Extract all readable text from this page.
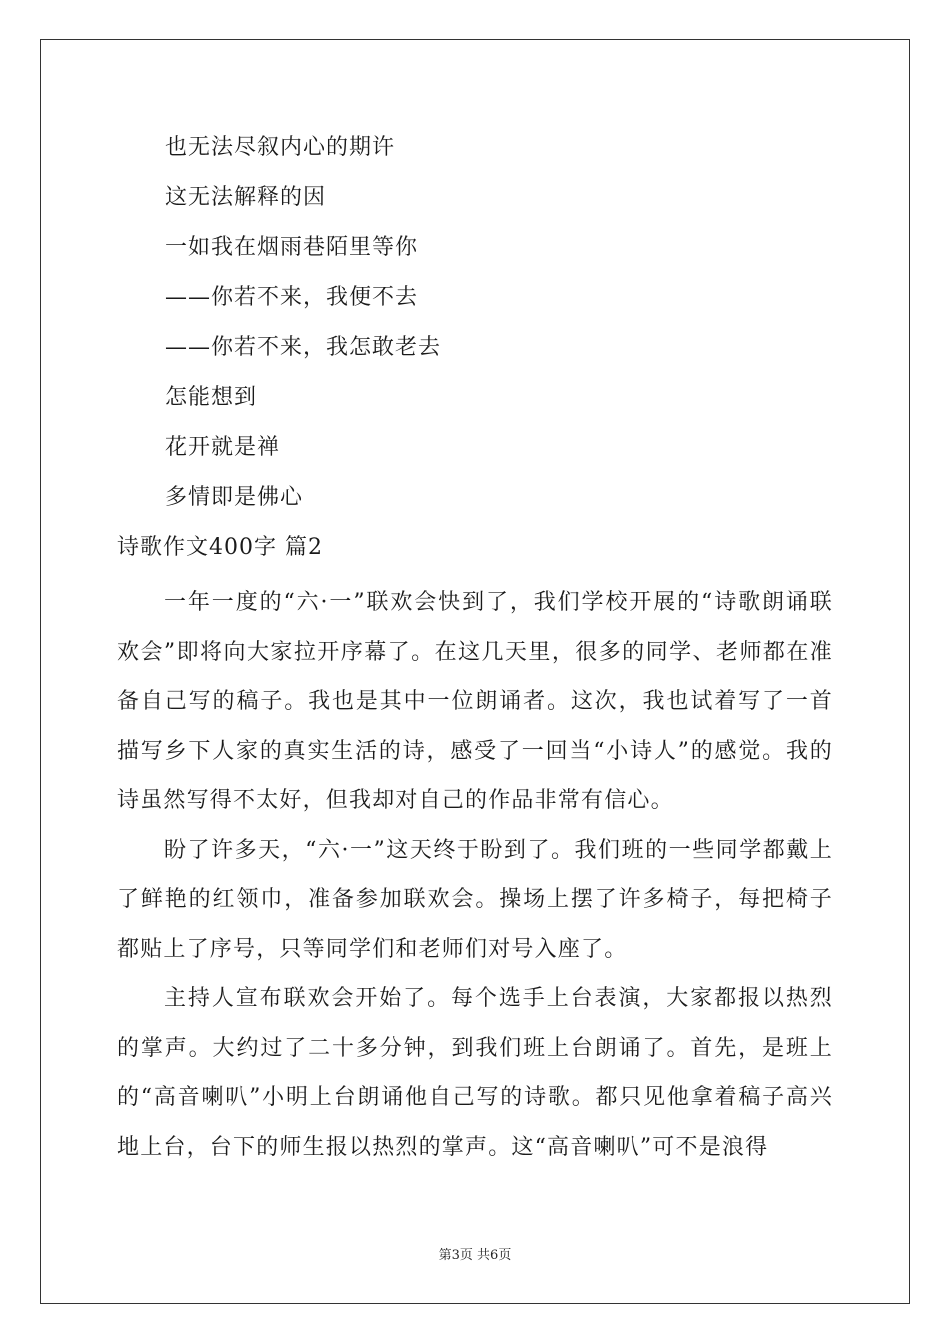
也无法尽叙内心的期许
这无法解释的因
一如我在烟雨巷陌里等你
——你若不来，我便不去
——你若不来，我怎敢老去
怎能想到
花开就是禅
多情即是佛心
诗歌作文400字 篇2

一年一度的“六·一”联欢会快到了，我们学校开展的“诗歌朗诵联欢会”即将向大家拉开序幕了。在这几天里，很多的同学、老师都在准备自己写的稿子。我也是其中一位朗诵者。这次，我也试着写了一首描写乡下人家的真实生活的诗，感受了一回当“小诗人”的感觉。我的诗虽然写得不太好，但我却对自己的作品非常有信心。

盼了许多天，“六·一”这天终于盼到了。我们班的一些同学都戴上了鲜艳的红领巾，准备参加联欢会。操场上摆了许多椅子，每把椅子都贴上了序号，只等同学们和老师们对号入座了。

主持人宣布联欢会开始了。每个选手上台表演，大家都报以热烈的掌声。大约过了二十多分钟，到我们班上台朗诵了。首先，是班上的“高音喇叭”小明上台朗诵他自己写的诗歌。都只见他拿着稿子高兴地上台，台下的师生报以热烈的掌声。这“高音喇叭”可不是浪得

第3页 共6页
